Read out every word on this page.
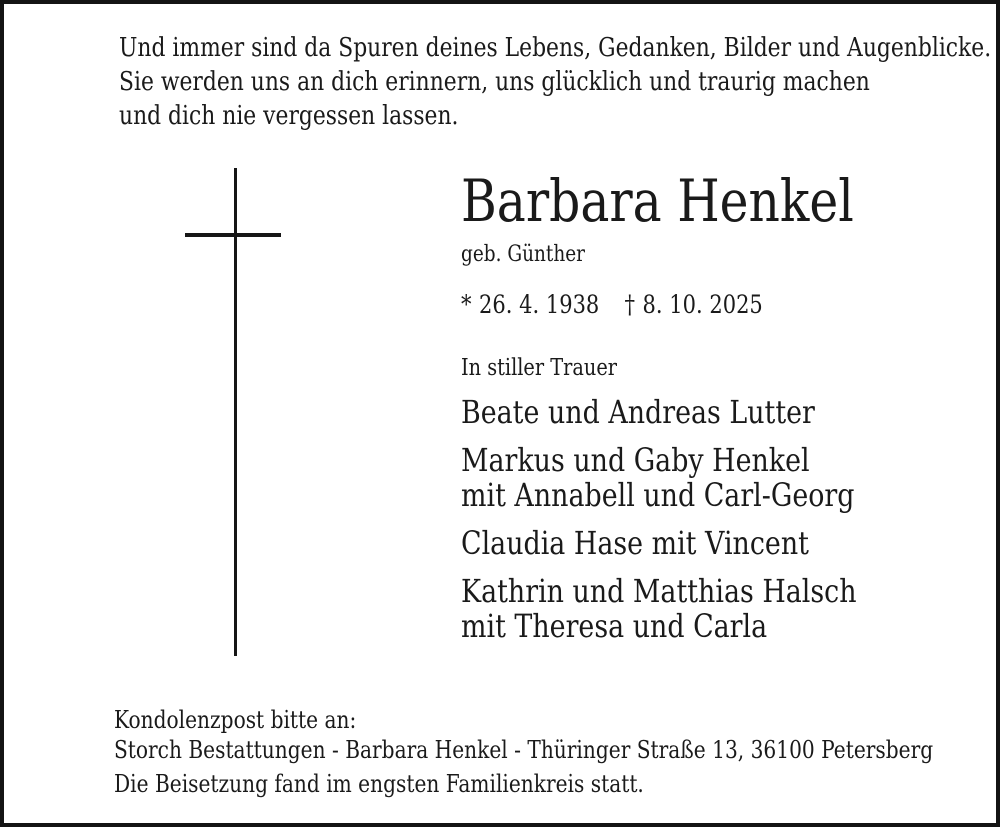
Und immer sind da Spuren deines Lebens, Gedanken, Bilder und Augenblicke.
Sie werden uns an dich erinnern, uns glücklich und traurig machen
und dich nie vergessen lassen.
Barbara Henkel
geb. Günther
* 26. 4. 1938 † 8. 10. 2025
In stiller Trauer
Beate und Andreas Lutter
Markus und Gaby Henkel
mit Annabell und Carl-Georg
Claudia Hase mit Vincent
Kathrin und Matthias Halsch
mit Theresa und Carla
Kondolenzpost bitte an:
Storch Bestattungen - Barbara Henkel - Thüringer Straße 13, 36100 Petersberg
Die Beisetzung fand im engsten Familienkreis statt.
